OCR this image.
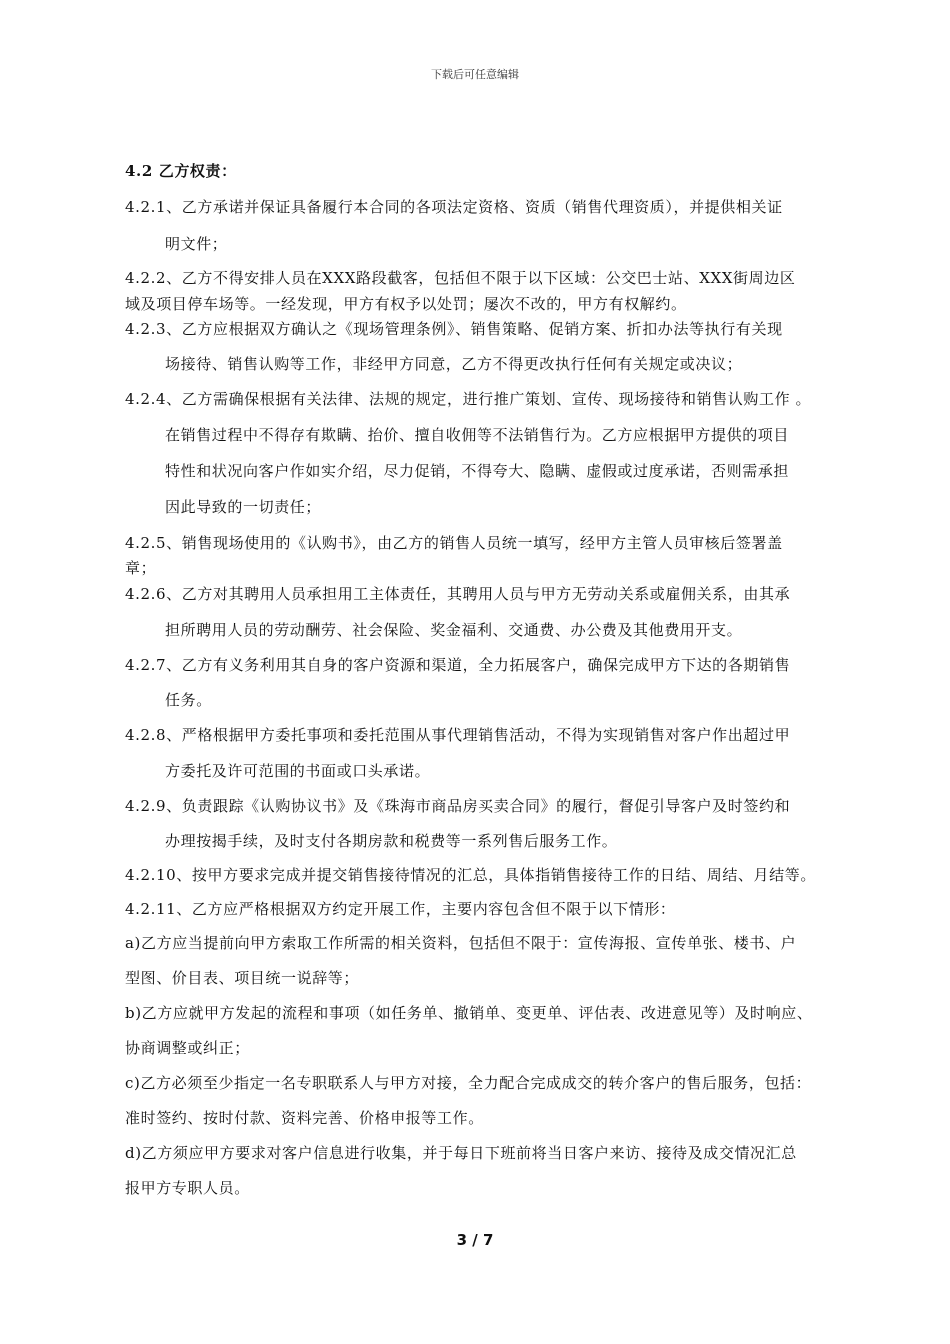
下载后可任意编辑
4.2 乙方权责：
4.2.1、乙方承诺并保证具备履行本合同的各项法定资格、资质（销售代理资质），并提供相关证
明文件；
4.2.2、乙方不得安排人员在XXX路段截客，包括但不限于以下区域：公交巴士站、XXX街周边区
域及项目停车场等。一经发现，甲方有权予以处罚；屡次不改的，甲方有权解约。
4.2.3、乙方应根据双方确认之《现场管理条例》、销售策略、促销方案、折扣办法等执行有关现
场接待、销售认购等工作，非经甲方同意，乙方不得更改执行任何有关规定或决议；
4.2.4、乙方需确保根据有关法律、法规的规定，进行推广策划、宣传、现场接待和销售认购工作 。
在销售过程中不得存有欺瞒、抬价、擅自收佣等不法销售行为。乙方应根据甲方提供的项目
特性和状况向客户作如实介绍，尽力促销，不得夸大、隐瞒、虚假或过度承诺，否则需承担
因此导致的一切责任；
4.2.5、销售现场使用的《认购书》，由乙方的销售人员统一填写，经甲方主管人员审核后签署盖
章；
4.2.6、乙方对其聘用人员承担用工主体责任，其聘用人员与甲方无劳动关系或雇佣关系，由其承
担所聘用人员的劳动酬劳、社会保险、奖金福利、交通费、办公费及其他费用开支。
4.2.7、乙方有义务利用其自身的客户资源和渠道，全力拓展客户，确保完成甲方下达的各期销售
任务。
4.2.8、严格根据甲方委托事项和委托范围从事代理销售活动，不得为实现销售对客户作出超过甲
方委托及许可范围的书面或口头承诺。
4.2.9、负责跟踪《认购协议书》及《珠海市商品房买卖合同》的履行，督促引导客户及时签约和
办理按揭手续，及时支付各期房款和税费等一系列售后服务工作。
4.2.10、按甲方要求完成并提交销售接待情况的汇总，具体指销售接待工作的日结、周结、月结等。
4.2.11、乙方应严格根据双方约定开展工作，主要内容包含但不限于以下情形：
a)乙方应当提前向甲方索取工作所需的相关资料，包括但不限于：宣传海报、宣传单张、楼书、户
型图、价目表、项目统一说辞等；
b)乙方应就甲方发起的流程和事项（如任务单、撤销单、变更单、评估表、改进意见等）及时响应、
协商调整或纠正；
c)乙方必须至少指定一名专职联系人与甲方对接，全力配合完成成交的转介客户的售后服务，包括：
准时签约、按时付款、资料完善、价格申报等工作。
d)乙方须应甲方要求对客户信息进行收集，并于每日下班前将当日客户来访、接待及成交情况汇总
报甲方专职人员。
3 / 7
